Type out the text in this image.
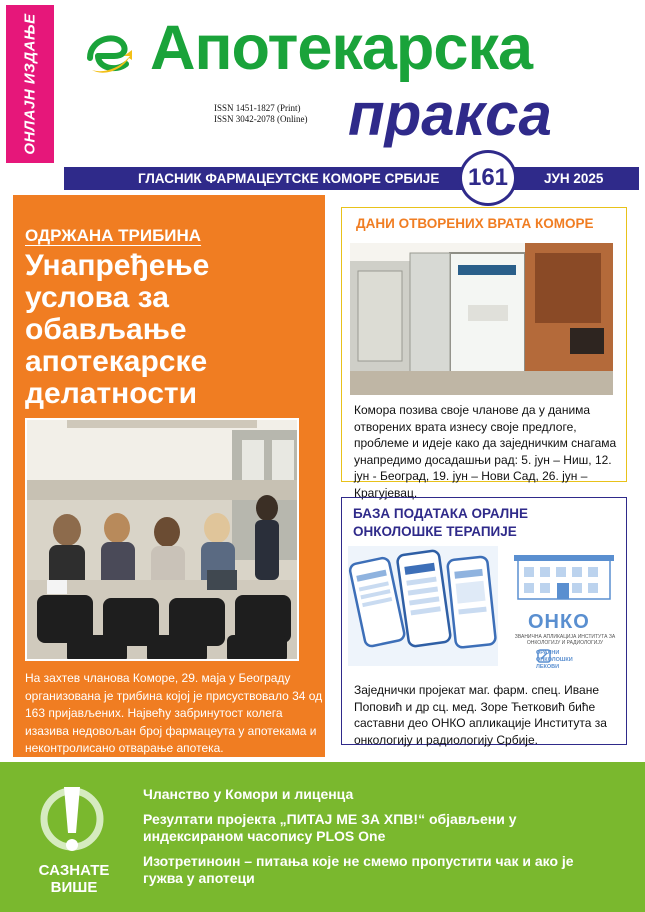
ОНЛАЈН ИЗДАЊЕ Апотекарска
пракса
ISSN 1451-1827 (Print)
ISSN 3042-2078 (Online)
ГЛАСНИК ФАРМАЦЕУТСКЕ КОМОРЕ СРБИЈЕ 161	ЈУН 2025
ОДРЖАНА ТРИБИНА
Унапређење услова за обављање апотекарске делатности
На захтев чланова Коморе, 29. маја у Београду организована је трибина којој је присуствовало 34 од 163 пријављених. Највећу забринутост колега изазива недовољан број фармацеута у апотекама и неконтролисано отварање апотека.
ДАНИ ОТВОРЕНИХ ВРАТА КОМОРЕ
Комора позива своје чланове да у данима отворених врата изнесу своје предлоге, проблеме и идеје како да заједничким снагама унапредимо досадашњи рад: 5. јун – Ниш, 12. јун - Београд, 19. јун – Нови Сад, 26. јун – Крагујевац.
БАЗА ПОДАТАКА ОРАЛНЕ ОНКОЛОШКЕ ТЕРАПИЈЕ
ОНКО
ЗВАНИЧНА АПЛИКАЦИЈА ИНСТИТУТА ЗА ОНКОЛОГИЈУ И РАДИОЛОГИЈУ
ОРАЛНИ ОНКОЛОШКИ ЛЕКОВИ
Заједнички пројекат маг. фарм. спец. Иване Поповић и др сц. мед. Зоре Ћетковић биће саставни део ОНКО апликације Института за онкологију и радиологију Србије.
САЗНАТЕ ВИШЕ
Чланство у Комори и лиценца
Резултати пројекта „ПИТАЈ МЕ ЗА ХПВ!“ објављени у индексираном часопису PLOS One
Изотретиноин – питања које не смемо пропустити чак и ако је гужва у апотеци
